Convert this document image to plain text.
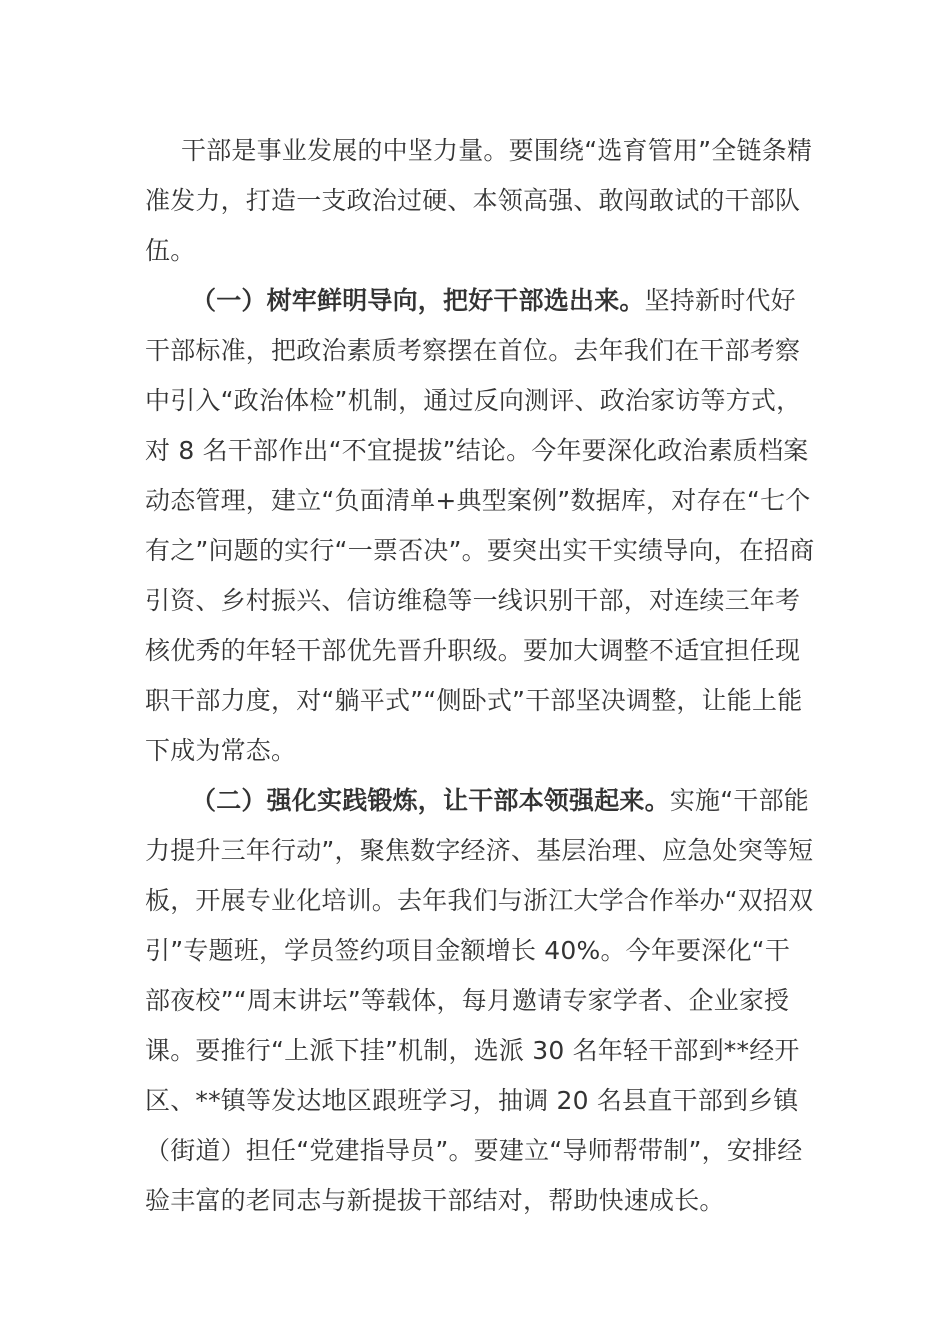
干部是事业发展的中坚力量。要围绕“选育管用”全链条精准发力，打造一支政治过硬、本领高强、敢闯敢试的干部队伍。

（一）树牢鲜明导向，把好干部选出来。坚持新时代好干部标准，把政治素质考察摆在首位。去年我们在干部考察中引入“政治体检”机制，通过反向测评、政治家访等方式，对 8 名干部作出“不宜提拔”结论。今年要深化政治素质档案动态管理，建立“负面清单+典型案例”数据库，对存在“七个有之”问题的实行“一票否决”。要突出实干实绩导向，在招商引资、乡村振兴、信访维稳等一线识别干部，对连续三年考核优秀的年轻干部优先晋升职级。要加大调整不适宜担任现职干部力度，对“躺平式”“侧卧式”干部坚决调整，让能上能下成为常态。

（二）强化实践锻炼，让干部本领强起来。实施“干部能力提升三年行动”，聚焦数字经济、基层治理、应急处突等短板，开展专业化培训。去年我们与浙江大学合作举办“双招双引”专题班，学员签约项目金额增长 40%。今年要深化“干部夜校”“周末讲坛”等载体，每月邀请专家学者、企业家授课。要推行“上派下挂”机制，选派 30 名年轻干部到**经开区、**镇等发达地区跟班学习，抽调 20 名县直干部到乡镇（街道）担任“党建指导员”。要建立“导师帮带制”，安排经验丰富的老同志与新提拔干部结对，帮助快速成长。
